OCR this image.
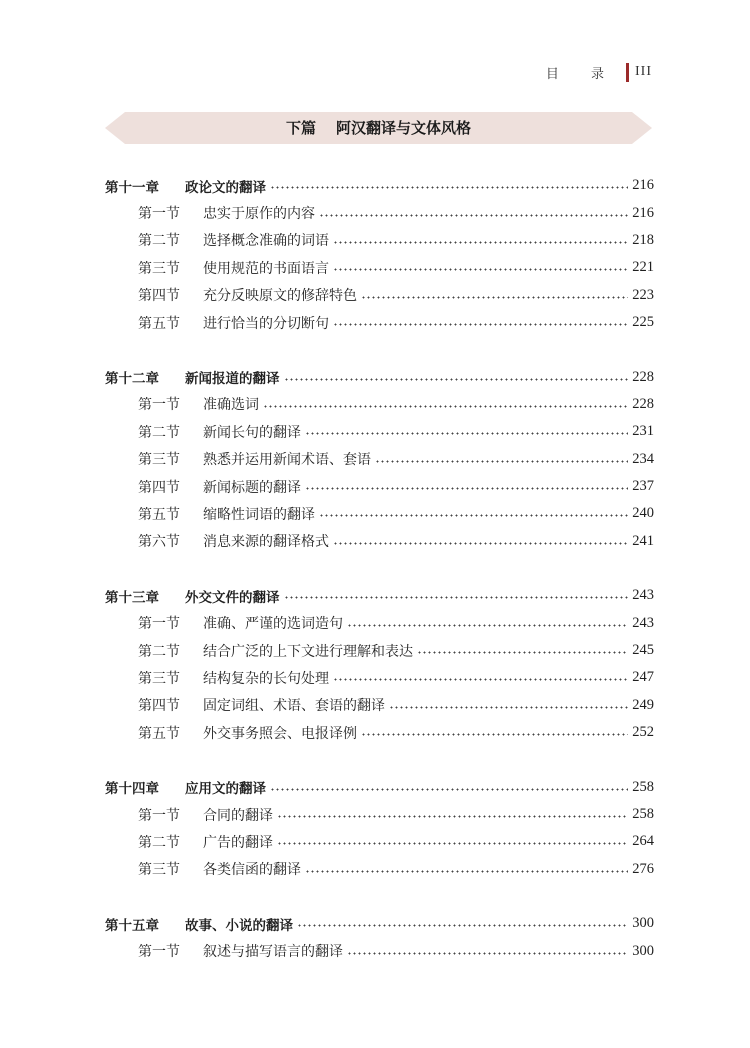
目 录 III
下篇 阿汉翻译与文体风格
第十一章	政论文的翻译	216
第一节	忠实于原作的内容	216
第二节	选择概念准确的词语	218
第三节	使用规范的书面语言	221
第四节	充分反映原文的修辞特色	223
第五节	进行恰当的分切断句	225
第十二章	新闻报道的翻译	228
第一节	准确选词	228
第二节	新闻长句的翻译	231
第三节	熟悉并运用新闻术语、套语	234
第四节	新闻标题的翻译	237
第五节	缩略性词语的翻译	240
第六节	消息来源的翻译格式	241
第十三章	外交文件的翻译	243
第一节	准确、严谨的选词造句	243
第二节	结合广泛的上下文进行理解和表达	245
第三节	结构复杂的长句处理	247
第四节	固定词组、术语、套语的翻译	249
第五节	外交事务照会、电报译例	252
第十四章	应用文的翻译	258
第一节	合同的翻译	258
第二节	广告的翻译	264
第三节	各类信函的翻译	276
第十五章	故事、小说的翻译	300
第一节	叙述与描写语言的翻译	300
